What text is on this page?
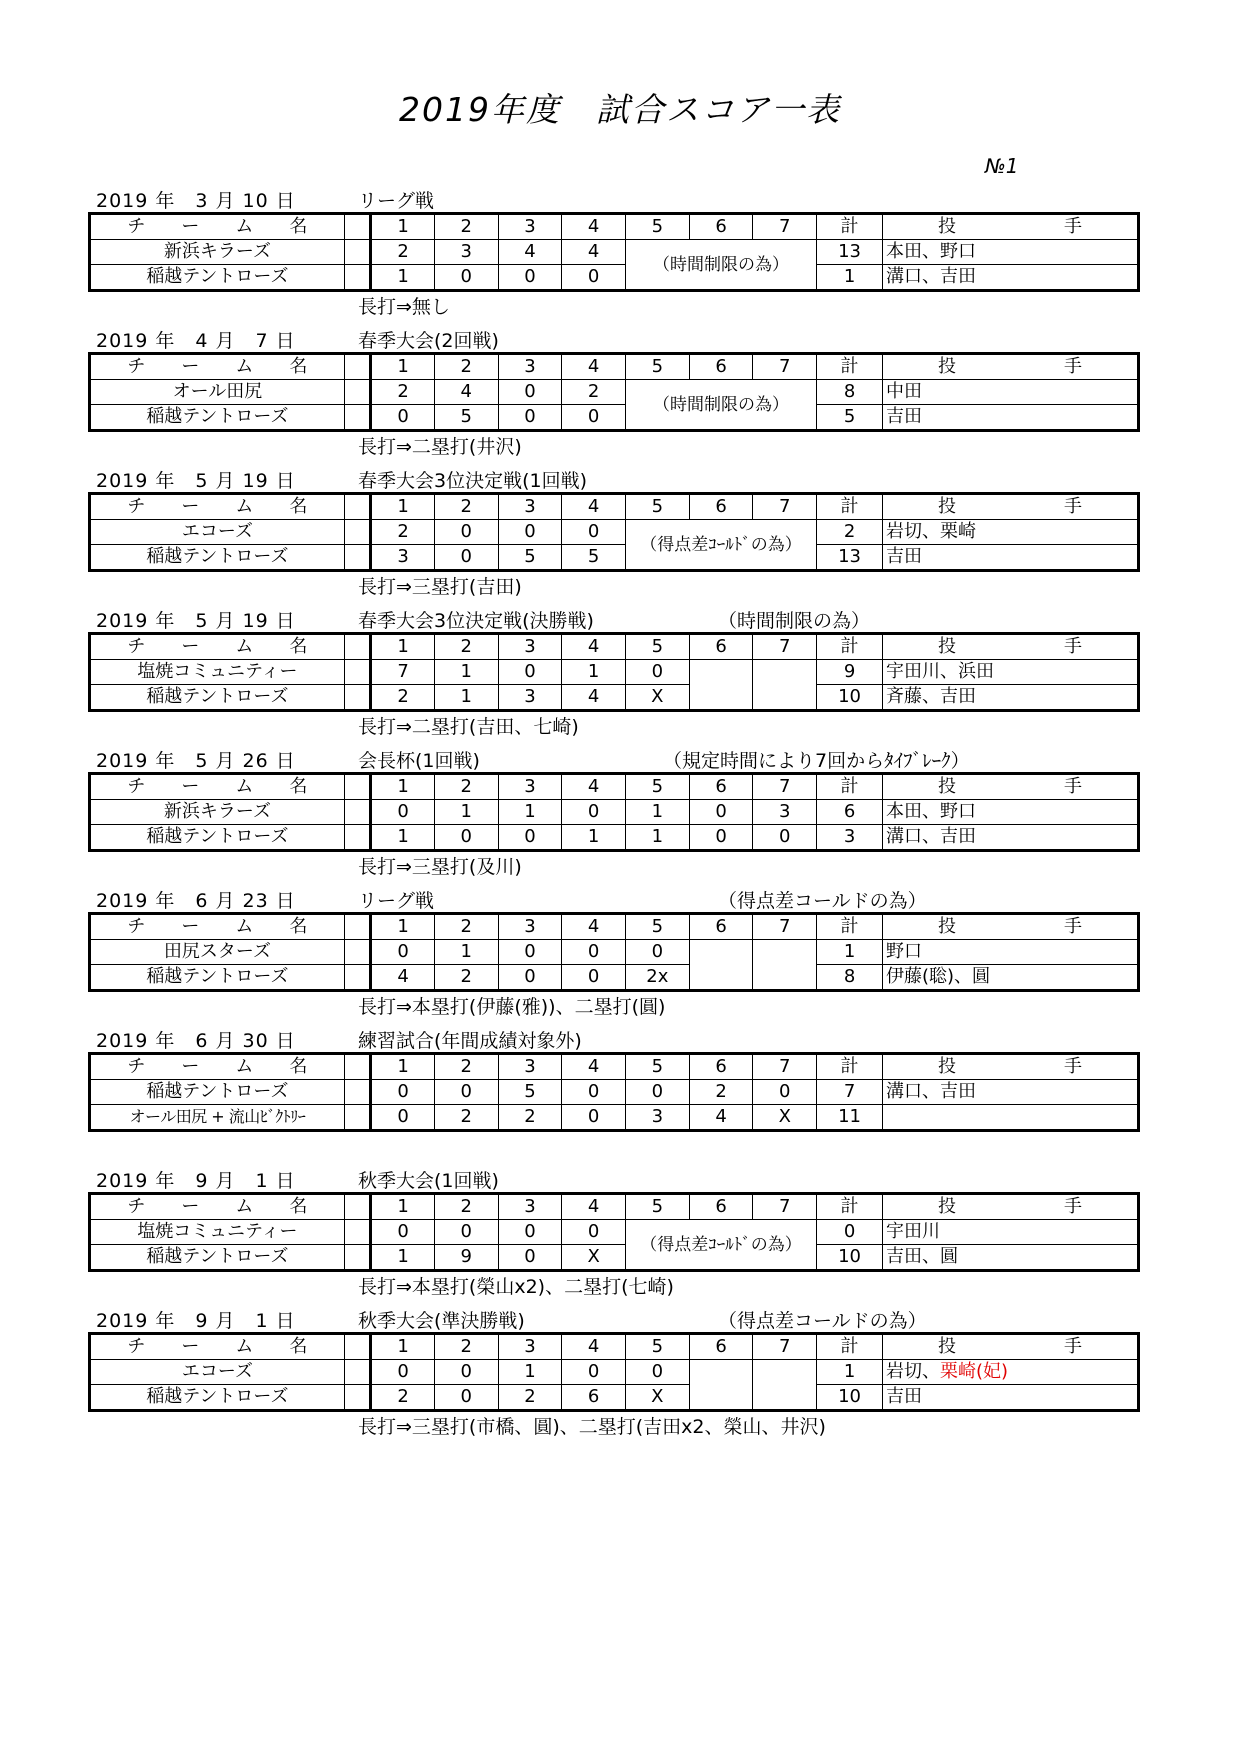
2019年度　試合スコア一表
№1
2019 年　3 月 10 日	リーグ戦
チ　　ー　　ム　　名		1	2	3	4	5	6	7	計	投　　　　　　手
新浜キラーズ		2	3	4	4	（時間制限の為）			13	本田、野口
稲越テントローズ		1	0	0	0				1	溝口、吉田
長打⇒無し
2019 年　4 月　7 日	春季大会(2回戦)
チ　　ー　　ム　　名		1	2	3	4	5	6	7	計	投　　　　　　手
オール田尻		2	4	0	2	（時間制限の為）			8	中田
稲越テントローズ		0	5	0	0				5	吉田
長打⇒二塁打(井沢)
2019 年　5 月 19 日	春季大会3位決定戦(1回戦)
チ　　ー　　ム　　名		1	2	3	4	5	6	7	計	投　　　　　　手
エコーズ		2	0	0	0	（得点差ｺｰﾙﾄﾞの為）			2	岩切、栗崎
稲越テントローズ		3	0	5	5				13	吉田
長打⇒三塁打(吉田)
2019 年　5 月 19 日	春季大会3位決定戦(決勝戦)	（時間制限の為）
チ　　ー　　ム　　名		1	2	3	4	5	6	7	計	投　　　　　　手
塩焼コミュニティー		7	1	0	1	0			9	宇田川、浜田
稲越テントローズ		2	1	3	4	X			10	斉藤、吉田
長打⇒二塁打(吉田、七崎)
2019 年　5 月 26 日	会長杯(1回戦)	（規定時間により7回からﾀｲﾌﾞﾚｰｸ）
チ　　ー　　ム　　名		1	2	3	4	5	6	7	計	投　　　　　　手
新浜キラーズ		0	1	1	0	1	0	3	6	本田、野口
稲越テントローズ		1	0	0	1	1	0	0	3	溝口、吉田
長打⇒三塁打(及川)
2019 年　6 月 23 日	リーグ戦	（得点差コールドの為）
チ　　ー　　ム　　名		1	2	3	4	5	6	7	計	投　　　　　　手
田尻スターズ		0	1	0	0	0			1	野口
稲越テントローズ		4	2	0	0	2x			8	伊藤(聡)、圓
長打⇒本塁打(伊藤(雅))、二塁打(圓)
2019 年　6 月 30 日	練習試合(年間成績対象外)
チ　　ー　　ム　　名		1	2	3	4	5	6	7	計	投　　　　　　手
稲越テントローズ		0	0	5	0	0	2	0	7	溝口、吉田
オール田尻 + 流山ﾋﾞｸﾄﾘｰ		0	2	2	0	3	4	X	11	
2019 年　9 月　1 日	秋季大会(1回戦)
チ　　ー　　ム　　名		1	2	3	4	5	6	7	計	投　　　　　　手
塩焼コミュニティー		0	0	0	0	（得点差ｺｰﾙﾄﾞの為）			0	宇田川
稲越テントローズ		1	9	0	X				10	吉田、圓
長打⇒本塁打(榮山x2)、二塁打(七崎)
2019 年　9 月　1 日	秋季大会(準決勝戦)	（得点差コールドの為）
チ　　ー　　ム　　名		1	2	3	4	5	6	7	計	投　　　　　　手
エコーズ		0	0	1	0	0			1	岩切、栗崎(妃)
稲越テントローズ		2	0	2	6	X			10	吉田
長打⇒三塁打(市橋、圓)、二塁打(吉田x2、榮山、井沢)
